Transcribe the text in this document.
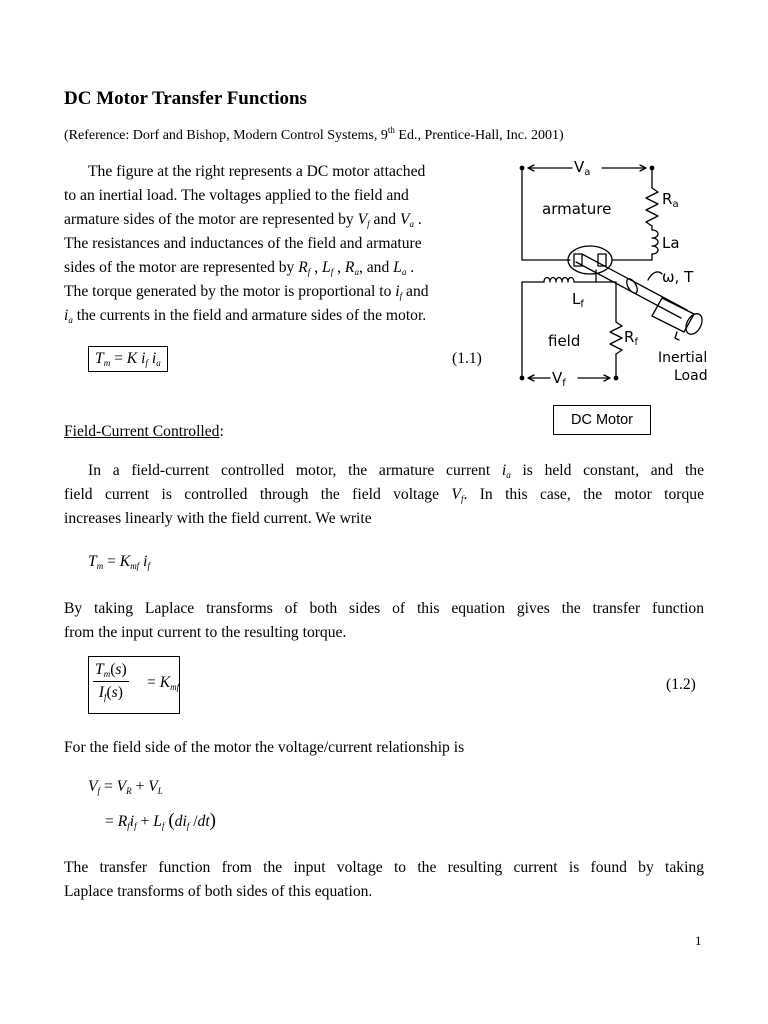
DC Motor Transfer Functions
(Reference: Dorf and Bishop, Modern Control Systems, 9th Ed., Prentice-Hall, Inc. 2001)
The figure at the right represents a DC motor attached
to an inertial load. The voltages applied to the field and
armature sides of the motor are represented by $V_f$ and $V_a$ .
The resistances and inductances of the field and armature
sides of the motor are represented by $R_f$ , $L_f$ , $R_a$, and $L_a$ .
The torque generated by the motor is proportional to $i_f$ and
$i_a$ the currents in the field and armature sides of the motor.
$T_m = K$ $i_f$ $i_a$	(1.1)
$V_a$
$R_a$
armature
La
$L_f$
field	$R_f$
ω, T
Inertial
Load
$V_f$
DC Motor
Field-Current Controlled:
In a field-current controlled motor, the armature current $i_a$ is held constant, and the
field current is controlled through the field voltage $V_f$. In this case, the motor torque
increases linearly with the field current. We write
$T_m = K_{mf}$ $i_f$
By taking Laplace transforms of both sides of this equation gives the transfer function
from the input current to the resulting torque.
$\frac{T_m(s)}{I_f(s)} = K_{mf}$	(1.2)
For the field side of the motor the voltage/current relationship is
$V_f = V_R + V_L$
= $R_fi_f + L_f$ ($di_f$ /dt)
The transfer function from the input voltage to the resulting current is found by taking
Laplace transforms of both sides of this equation.
1
